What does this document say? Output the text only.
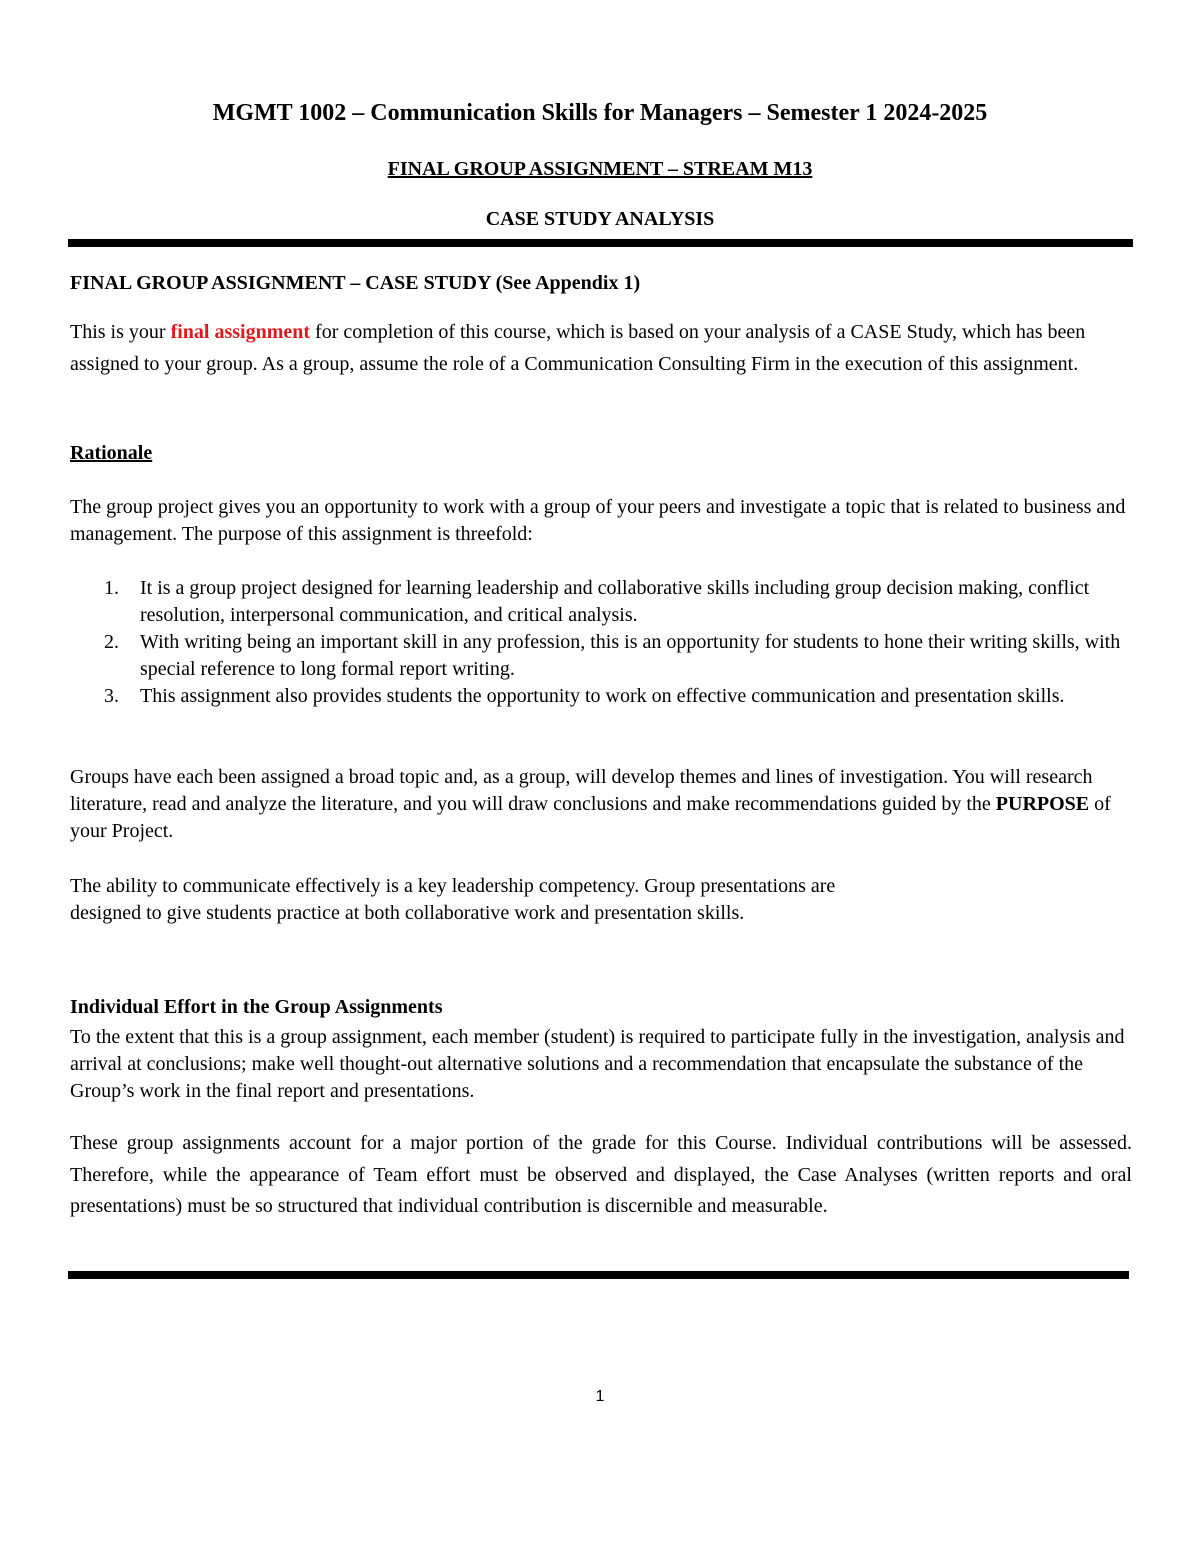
MGMT 1002 – Communication Skills for Managers – Semester 1 2024-2025
FINAL GROUP ASSIGNMENT – STREAM M13
CASE STUDY ANALYSIS
FINAL GROUP ASSIGNMENT – CASE STUDY (See Appendix 1)
This is your final assignment for completion of this course, which is based on your analysis of a CASE Study, which has been assigned to your group. As a group, assume the role of a Communication Consulting Firm in the execution of this assignment.
Rationale
The group project gives you an opportunity to work with a group of your peers and investigate a topic that is related to business and management. The purpose of this assignment is threefold:
1. It is a group project designed for learning leadership and collaborative skills including group decision making, conflict resolution, interpersonal communication, and critical analysis.
2. With writing being an important skill in any profession, this is an opportunity for students to hone their writing skills, with special reference to long formal report writing.
3. This assignment also provides students the opportunity to work on effective communication and presentation skills.
Groups have each been assigned a broad topic and, as a group, will develop themes and lines of investigation. You will research literature, read and analyze the literature, and you will draw conclusions and make recommendations guided by the PURPOSE of your Project.
The ability to communicate effectively is a key leadership competency. Group presentations are
designed to give students practice at both collaborative work and presentation skills.
Individual Effort in the Group Assignments
To the extent that this is a group assignment, each member (student) is required to participate fully in the investigation, analysis and arrival at conclusions; make well thought-out alternative solutions and a recommendation that encapsulate the substance of the Group’s work in the final report and presentations.
These group assignments account for a major portion of the grade for this Course. Individual contributions will be assessed. Therefore, while the appearance of Team effort must be observed and displayed, the Case Analyses (written reports and oral presentations) must be so structured that individual contribution is discernible and measurable.
1
